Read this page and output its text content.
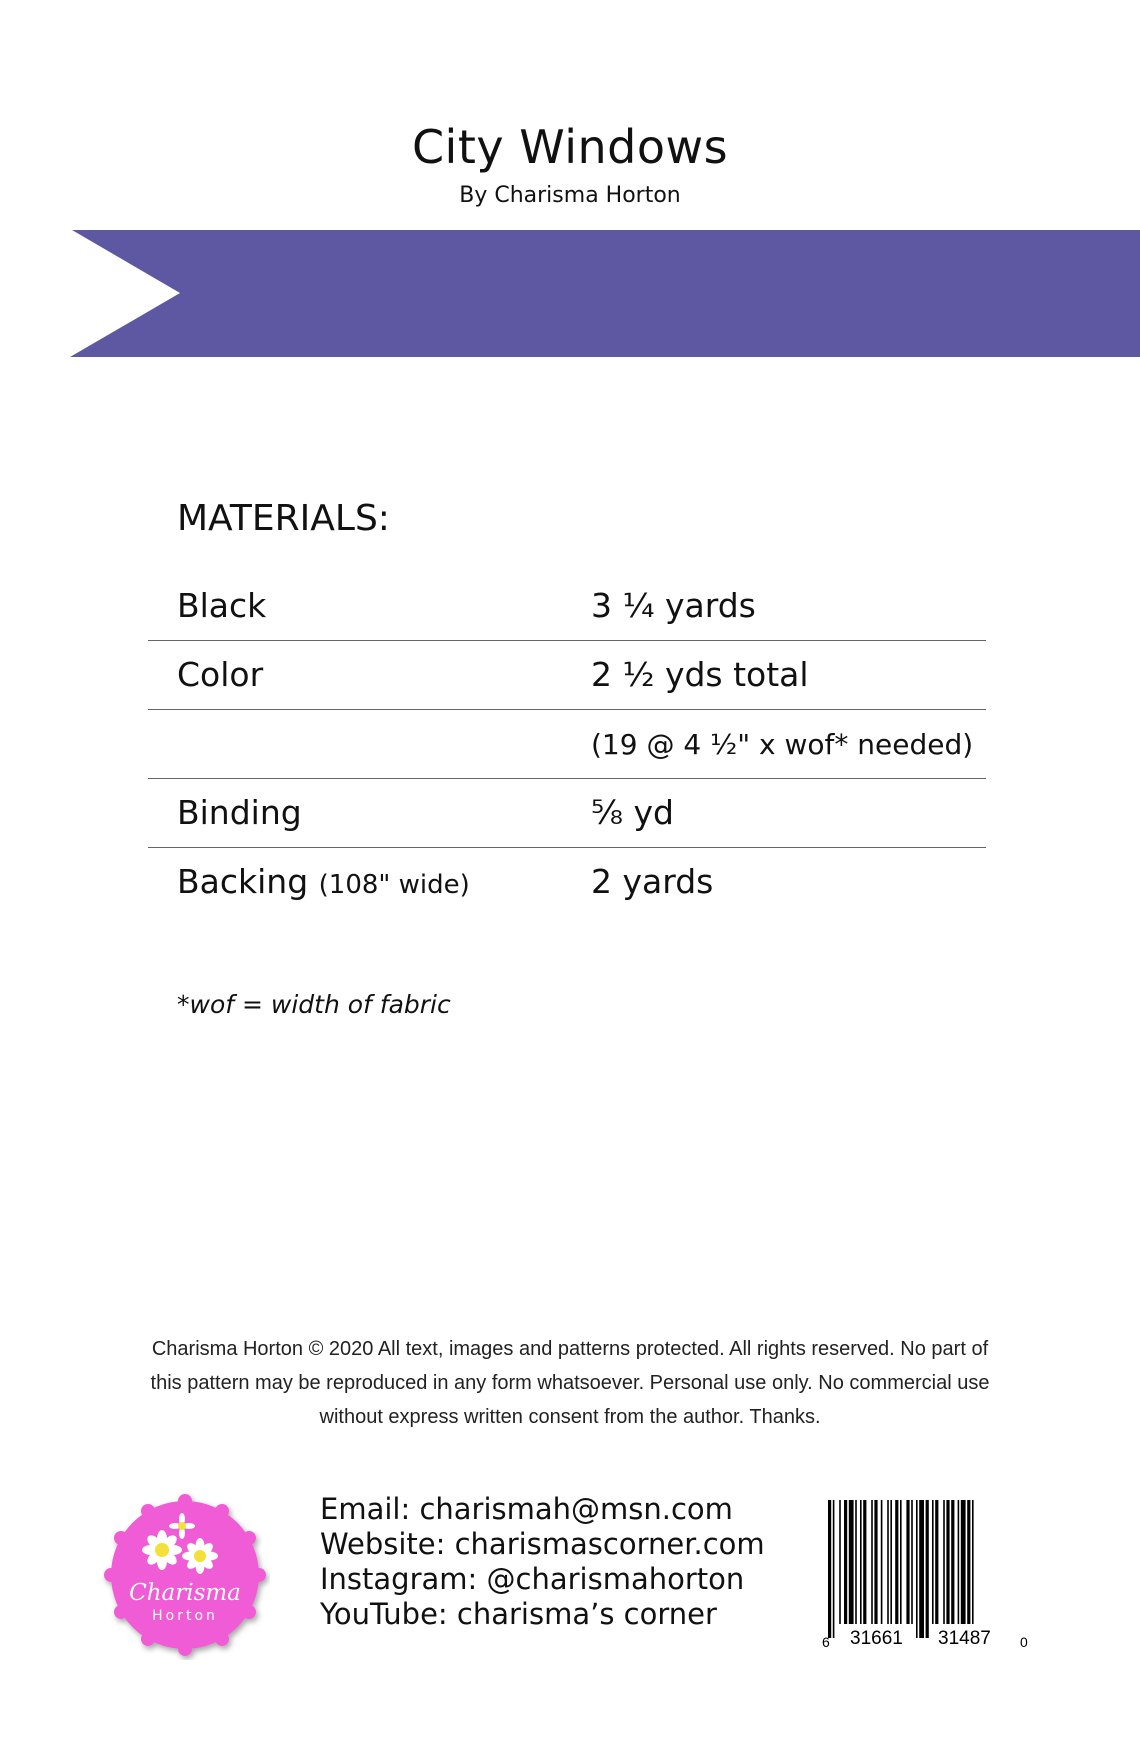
City Windows
By Charisma Horton
MATERIALS:
Black	3 ¼ yards
Color	2 ½ yds total
(19 @ 4 ½" x wof* needed)
Binding	⅝ yd
Backing (108" wide)	2 yards
*wof = width of fabric
Charisma Horton © 2020 All text, images and patterns protected. All rights reserved. No part of
this pattern may be reproduced in any form whatsoever. Personal use only. No commercial use
without express written consent from the author. Thanks.
Charisma
Horton
Email: charismah@msn.com
Website: charismascorner.com
Instagram: @charismahorton
YouTube: charisma’s corner
6 31661 31487 0
